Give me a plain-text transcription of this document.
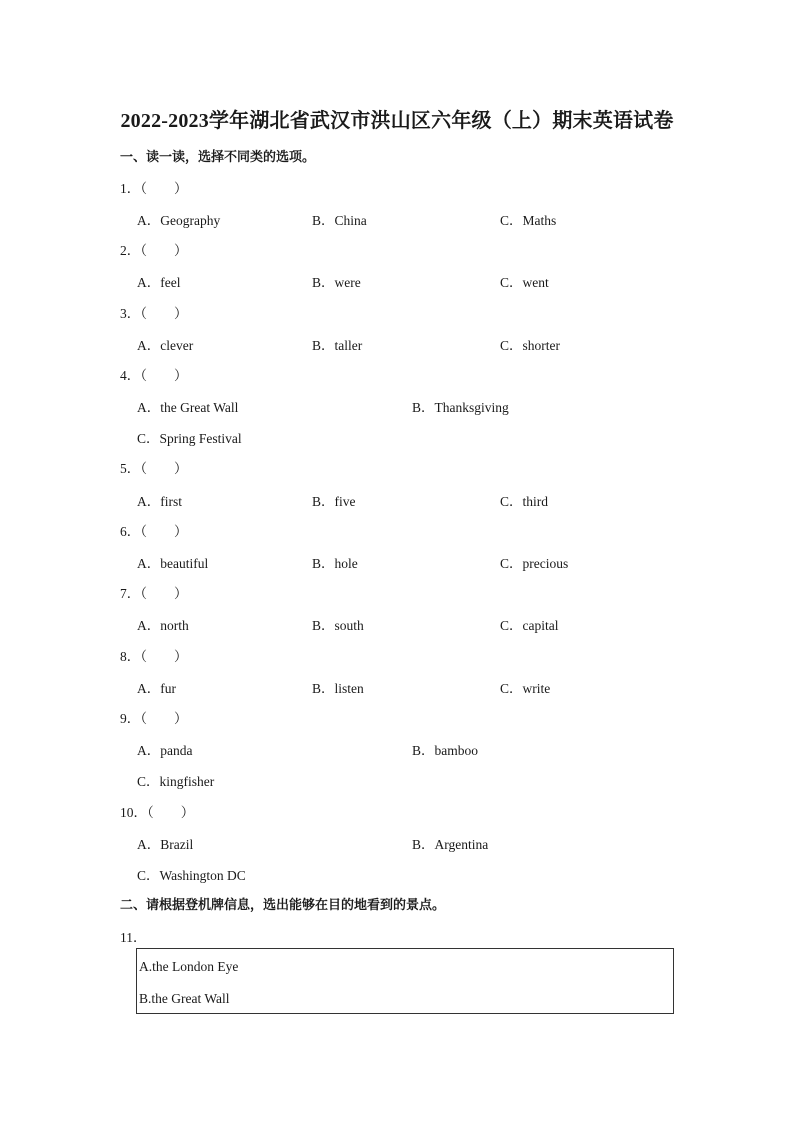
2022-2023学年湖北省武汉市洪山区六年级（上）期末英语试卷
一、读一读，选择不同类的选项。
1．（　　）
A．Geography	B．China	C．Maths
2．（　　）
A．feel	B．were	C．went
3．（　　）
A．clever	B．taller	C．shorter
4．（　　）
A．the Great Wall	B．Thanksgiving
C．Spring Festival
5．（　　）
A．first	B．five	C．third
6．（　　）
A．beautiful	B．hole	C．precious
7．（　　）
A．north	B．south	C．capital
8．（　　）
A．fur	B．listen	C．write
9．（　　）
A．panda	B．bamboo
C．kingfisher
10．（　　）
A．Brazil	B．Argentina
C．Washington DC
二、请根据登机牌信息，选出能够在目的地看到的景点。
11．
A.the London Eye
B.the Great Wall
